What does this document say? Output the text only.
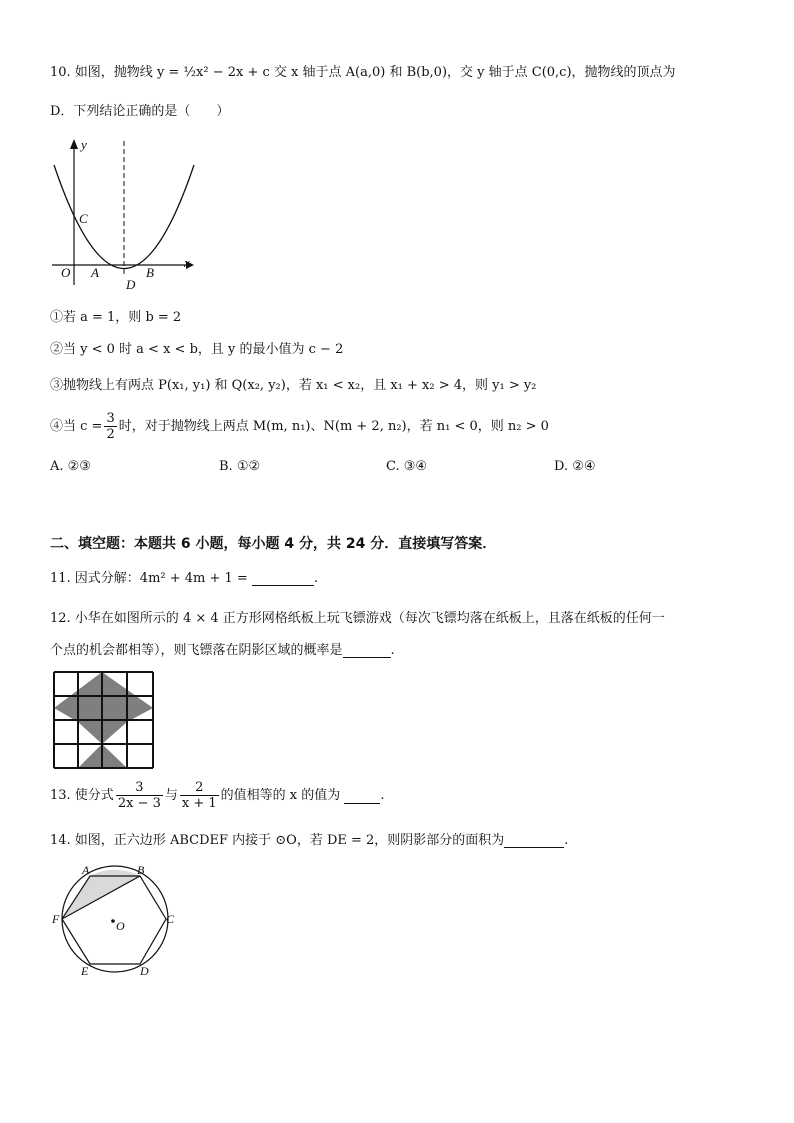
10. 如图，抛物线 y = ½x² − 2x + c 交 x 轴于点 A(a,0) 和 B(b,0)，交 y 轴于点 C(0,c)，抛物线的顶点为
D．下列结论正确的是（　　）
y
x
C
O A	B
D
①若 a = 1，则 b = 2
②当 y < 0 时 a < x < b，且 y 的最小值为 c − 2
③抛物线上有两点 P(x₁, y₁) 和 Q(x₂, y₂)，若 x₁ < x₂，且 x₁ + x₂ > 4，则 y₁ > y₂
④当 $c = \frac{3}{2}$ 时，对于抛物线上两点 M(m, n₁)、N(m + 2, n₂)，若 n₁ < 0，则 n₂ > 0
A. ②③	B. ①②	C. ③④	D. ②④
二、填空题：本题共 6 小题，每小题 4 分，共 24 分．直接填写答案．
11. 因式分解：4m² + 4m + 1 =	.
12. 小华在如图所示的 4 × 4 正方形网格纸板上玩飞镖游戏（每次飞镖均落在纸板上，且落在纸板的任何一
个点的机会都相等），则飞镖落在阴影区域的概率是	.
13. 使分式 $\frac{3}{2x - 3}$ 与 $\frac{2}{x + 1}$ 的值相等的 x 的值为	.
14. 如图，正六边形 ABCDEF 内接于 ⊙O，若 DE = 2，则阴影部分的面积为	.
A	B
C
D
E
F	O
